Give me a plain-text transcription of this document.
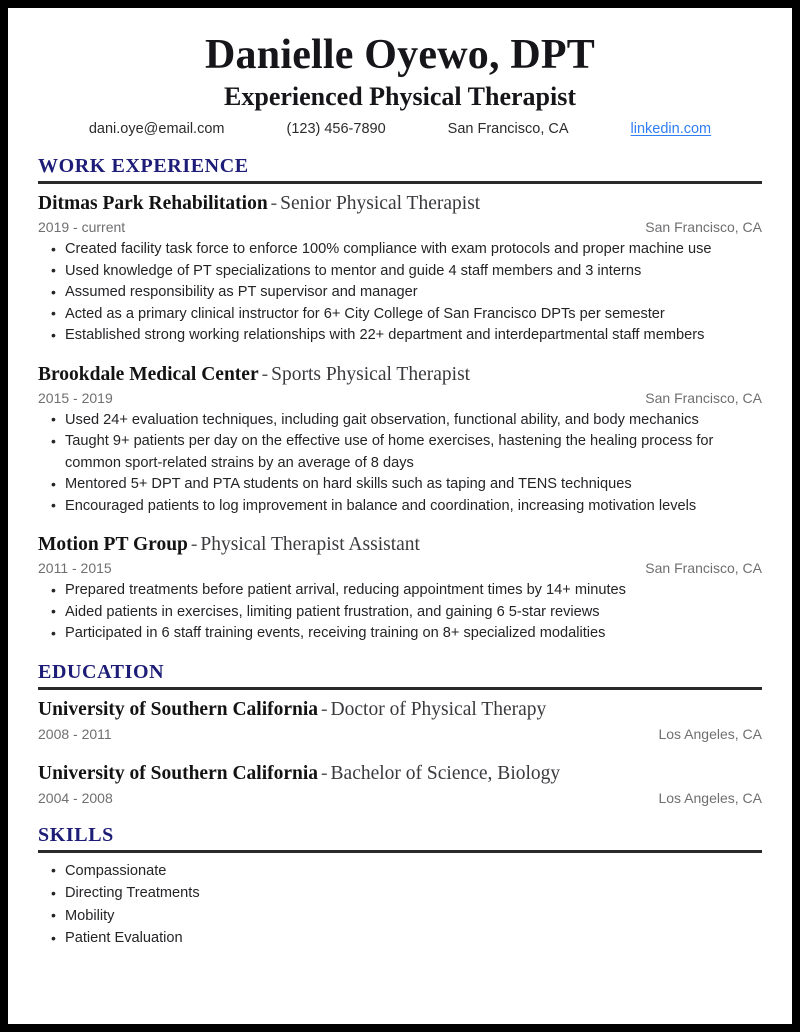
Danielle Oyewo, DPT
Experienced Physical Therapist
dani.oye@email.com	(123) 456-7890	San Francisco, CA	linkedin.com
WORK EXPERIENCE
Ditmas Park Rehabilitation - Senior Physical Therapist
2019 - current	San Francisco, CA
• Created facility task force to enforce 100% compliance with exam protocols and proper machine use
• Used knowledge of PT specializations to mentor and guide 4 staff members and 3 interns
• Assumed responsibility as PT supervisor and manager
• Acted as a primary clinical instructor for 6+ City College of San Francisco DPTs per semester
• Established strong working relationships with 22+ department and interdepartmental staff members
Brookdale Medical Center - Sports Physical Therapist
2015 - 2019	San Francisco, CA
• Used 24+ evaluation techniques, including gait observation, functional ability, and body mechanics
• Taught 9+ patients per day on the effective use of home exercises, hastening the healing process for common sport-related strains by an average of 8 days
• Mentored 5+ DPT and PTA students on hard skills such as taping and TENS techniques
• Encouraged patients to log improvement in balance and coordination, increasing motivation levels
Motion PT Group - Physical Therapist Assistant
2011 - 2015	San Francisco, CA
• Prepared treatments before patient arrival, reducing appointment times by 14+ minutes
• Aided patients in exercises, limiting patient frustration, and gaining 6 5-star reviews
• Participated in 6 staff training events, receiving training on 8+ specialized modalities
EDUCATION
University of Southern California - Doctor of Physical Therapy
2008 - 2011	Los Angeles, CA
University of Southern California - Bachelor of Science, Biology
2004 - 2008	Los Angeles, CA
SKILLS
• Compassionate
• Directing Treatments
• Mobility
• Patient Evaluation
